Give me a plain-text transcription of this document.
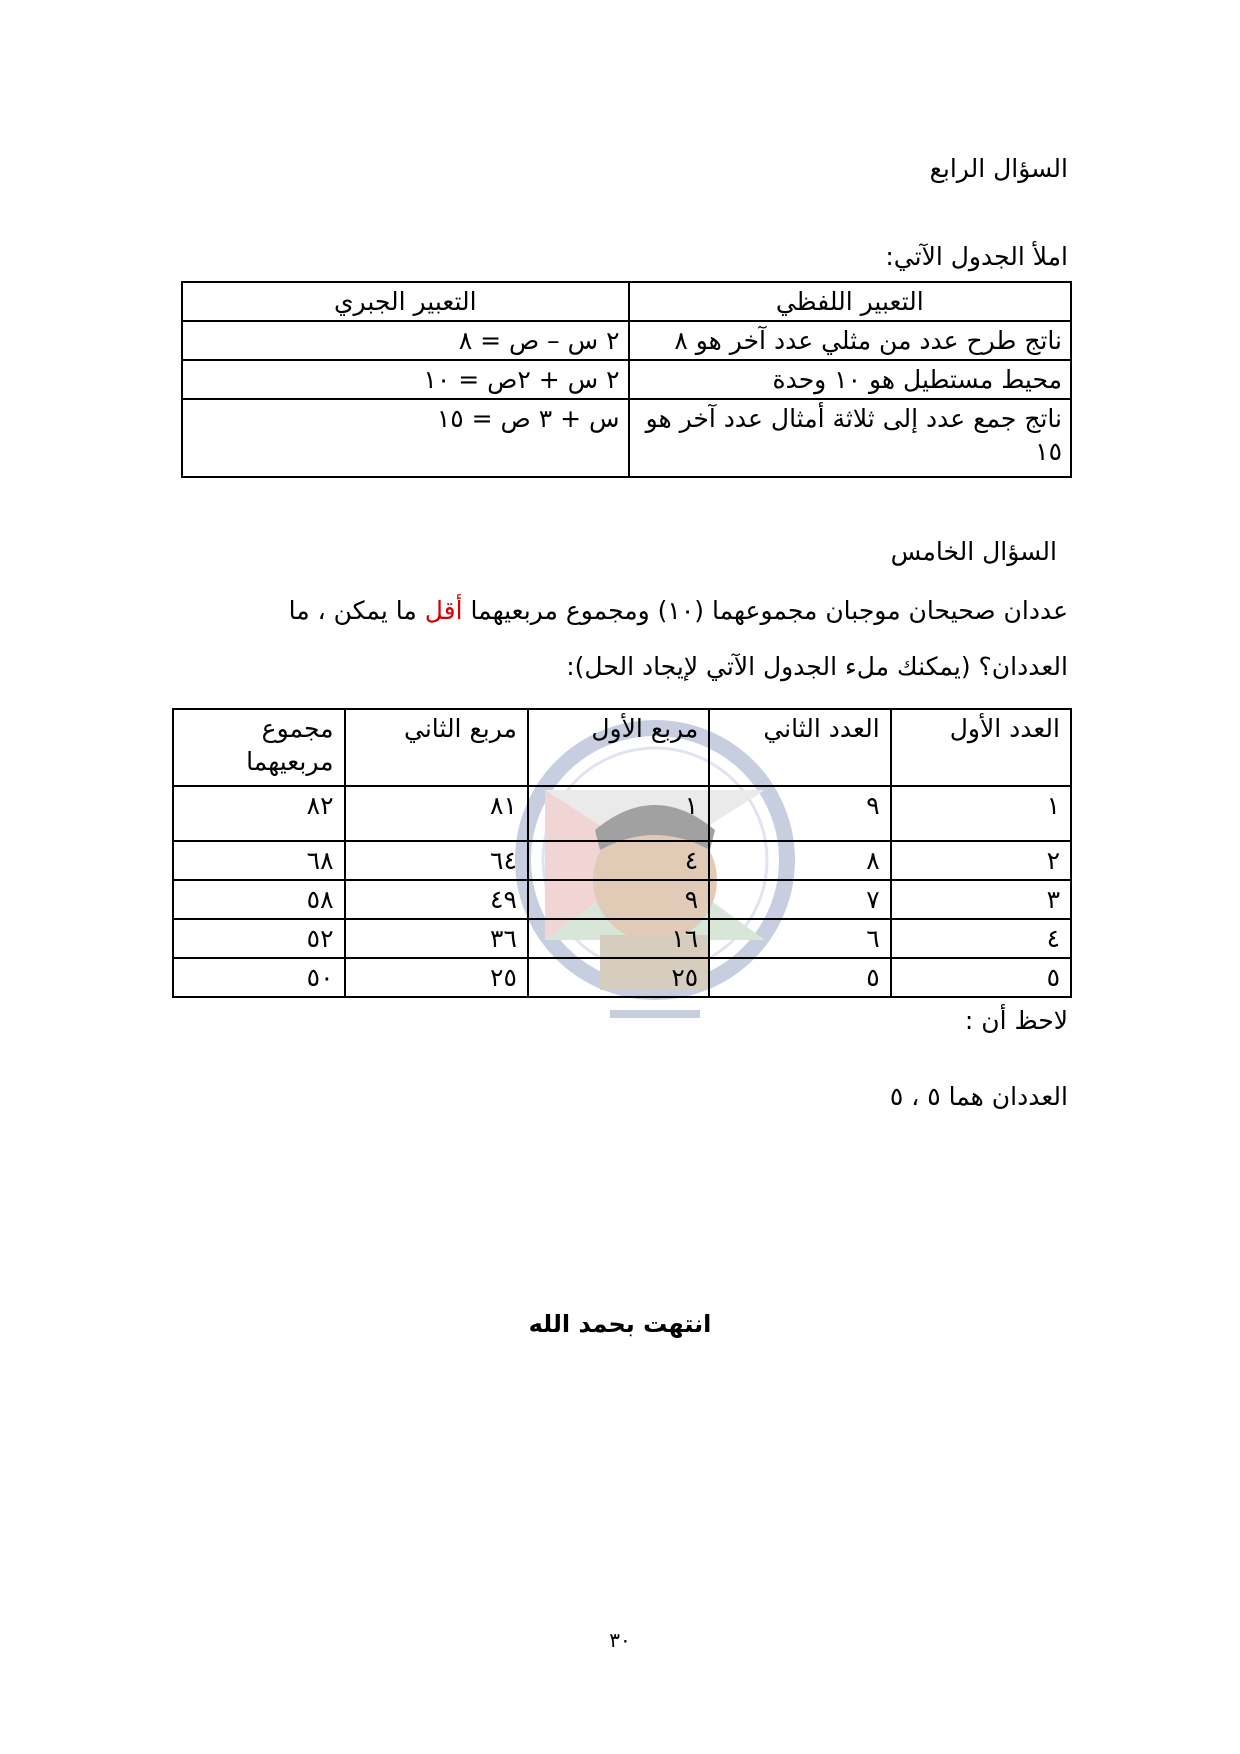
السؤال الرابع
املأ الجدول الآتي:
التعبير اللفظي	التعبير الجبري
ناتج طرح عدد من مثلي عدد آخر هو ٨	٢ س – ص = ٨
محيط مستطيل هو ١٠ وحدة	٢ س + ٢ص = ١٠
ناتج جمع عدد إلى ثلاثة أمثال عدد آخر هو ١٥	س + ٣ ص = ١٥
السؤال الخامس
عددان صحيحان موجبان مجموعهما (١٠) ومجموع مربعيهما أقل ما يمكن ، ما
العددان؟ (يمكنك ملء الجدول الآتي لإيجاد الحل):
العدد الأول	العدد الثاني	مربع الأول	مربع الثاني	مجموع مربعيهما
١	٩	١	٨١	٨٢
٢	٨	٤	٦٤	٦٨
٣	٧	٩	٤٩	٥٨
٤	٦	١٦	٣٦	٥٢
٥	٥	٢٥	٢٥	٥٠
لاحظ أن :
العددان هما ٥ ، ٥
انتهت بحمد الله
٣٠
